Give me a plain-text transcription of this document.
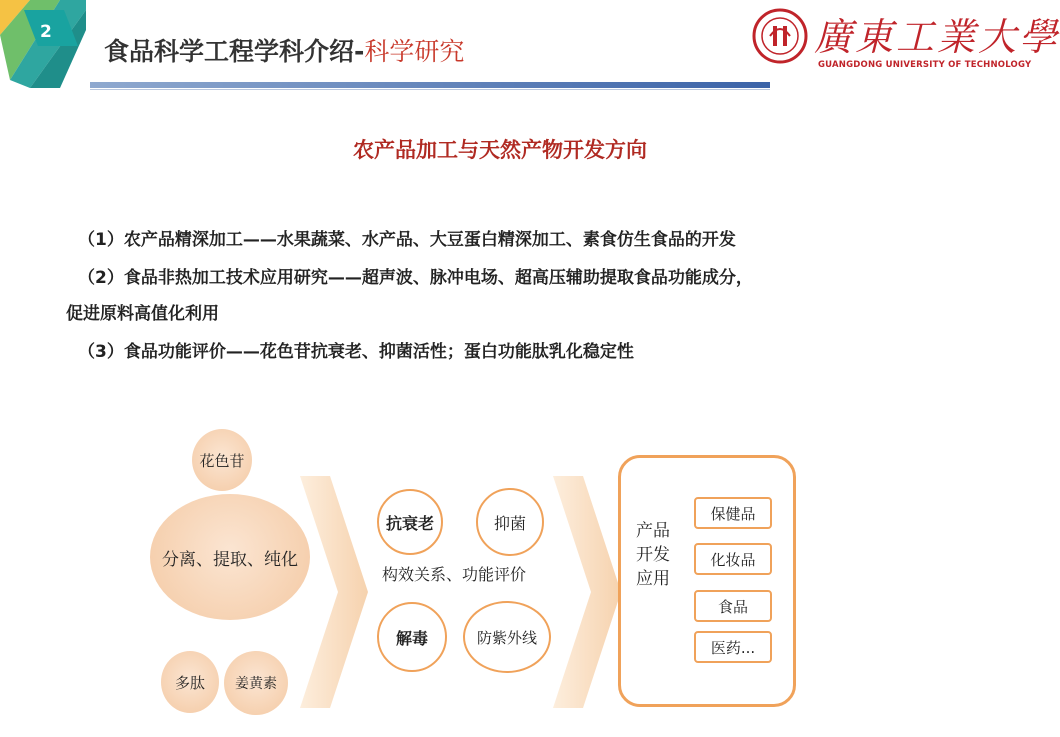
2
食品科学工程学科介绍-科学研究	廣東工業大學
GUANGDONG UNIVERSITY OF TECHNOLOGY
农产品加工与天然产物开发方向
（1）农产品精深加工——水果蔬菜、水产品、大豆蛋白精深加工、素食仿生食品的开发
（2）食品非热加工技术应用研究——超声波、脉冲电场、超高压辅助提取食品功能成分，
促进原料高值化利用
（3）食品功能评价——花色苷抗衰老、抑菌活性；蛋白功能肽乳化稳定性
花色苷
分离、提取、纯化
多肽	姜黄素
抗衰老	抑菌
构效关系、功能评价
解毒	防紫外线
产品开发应用
保健品
化妆品
食品
医药...
